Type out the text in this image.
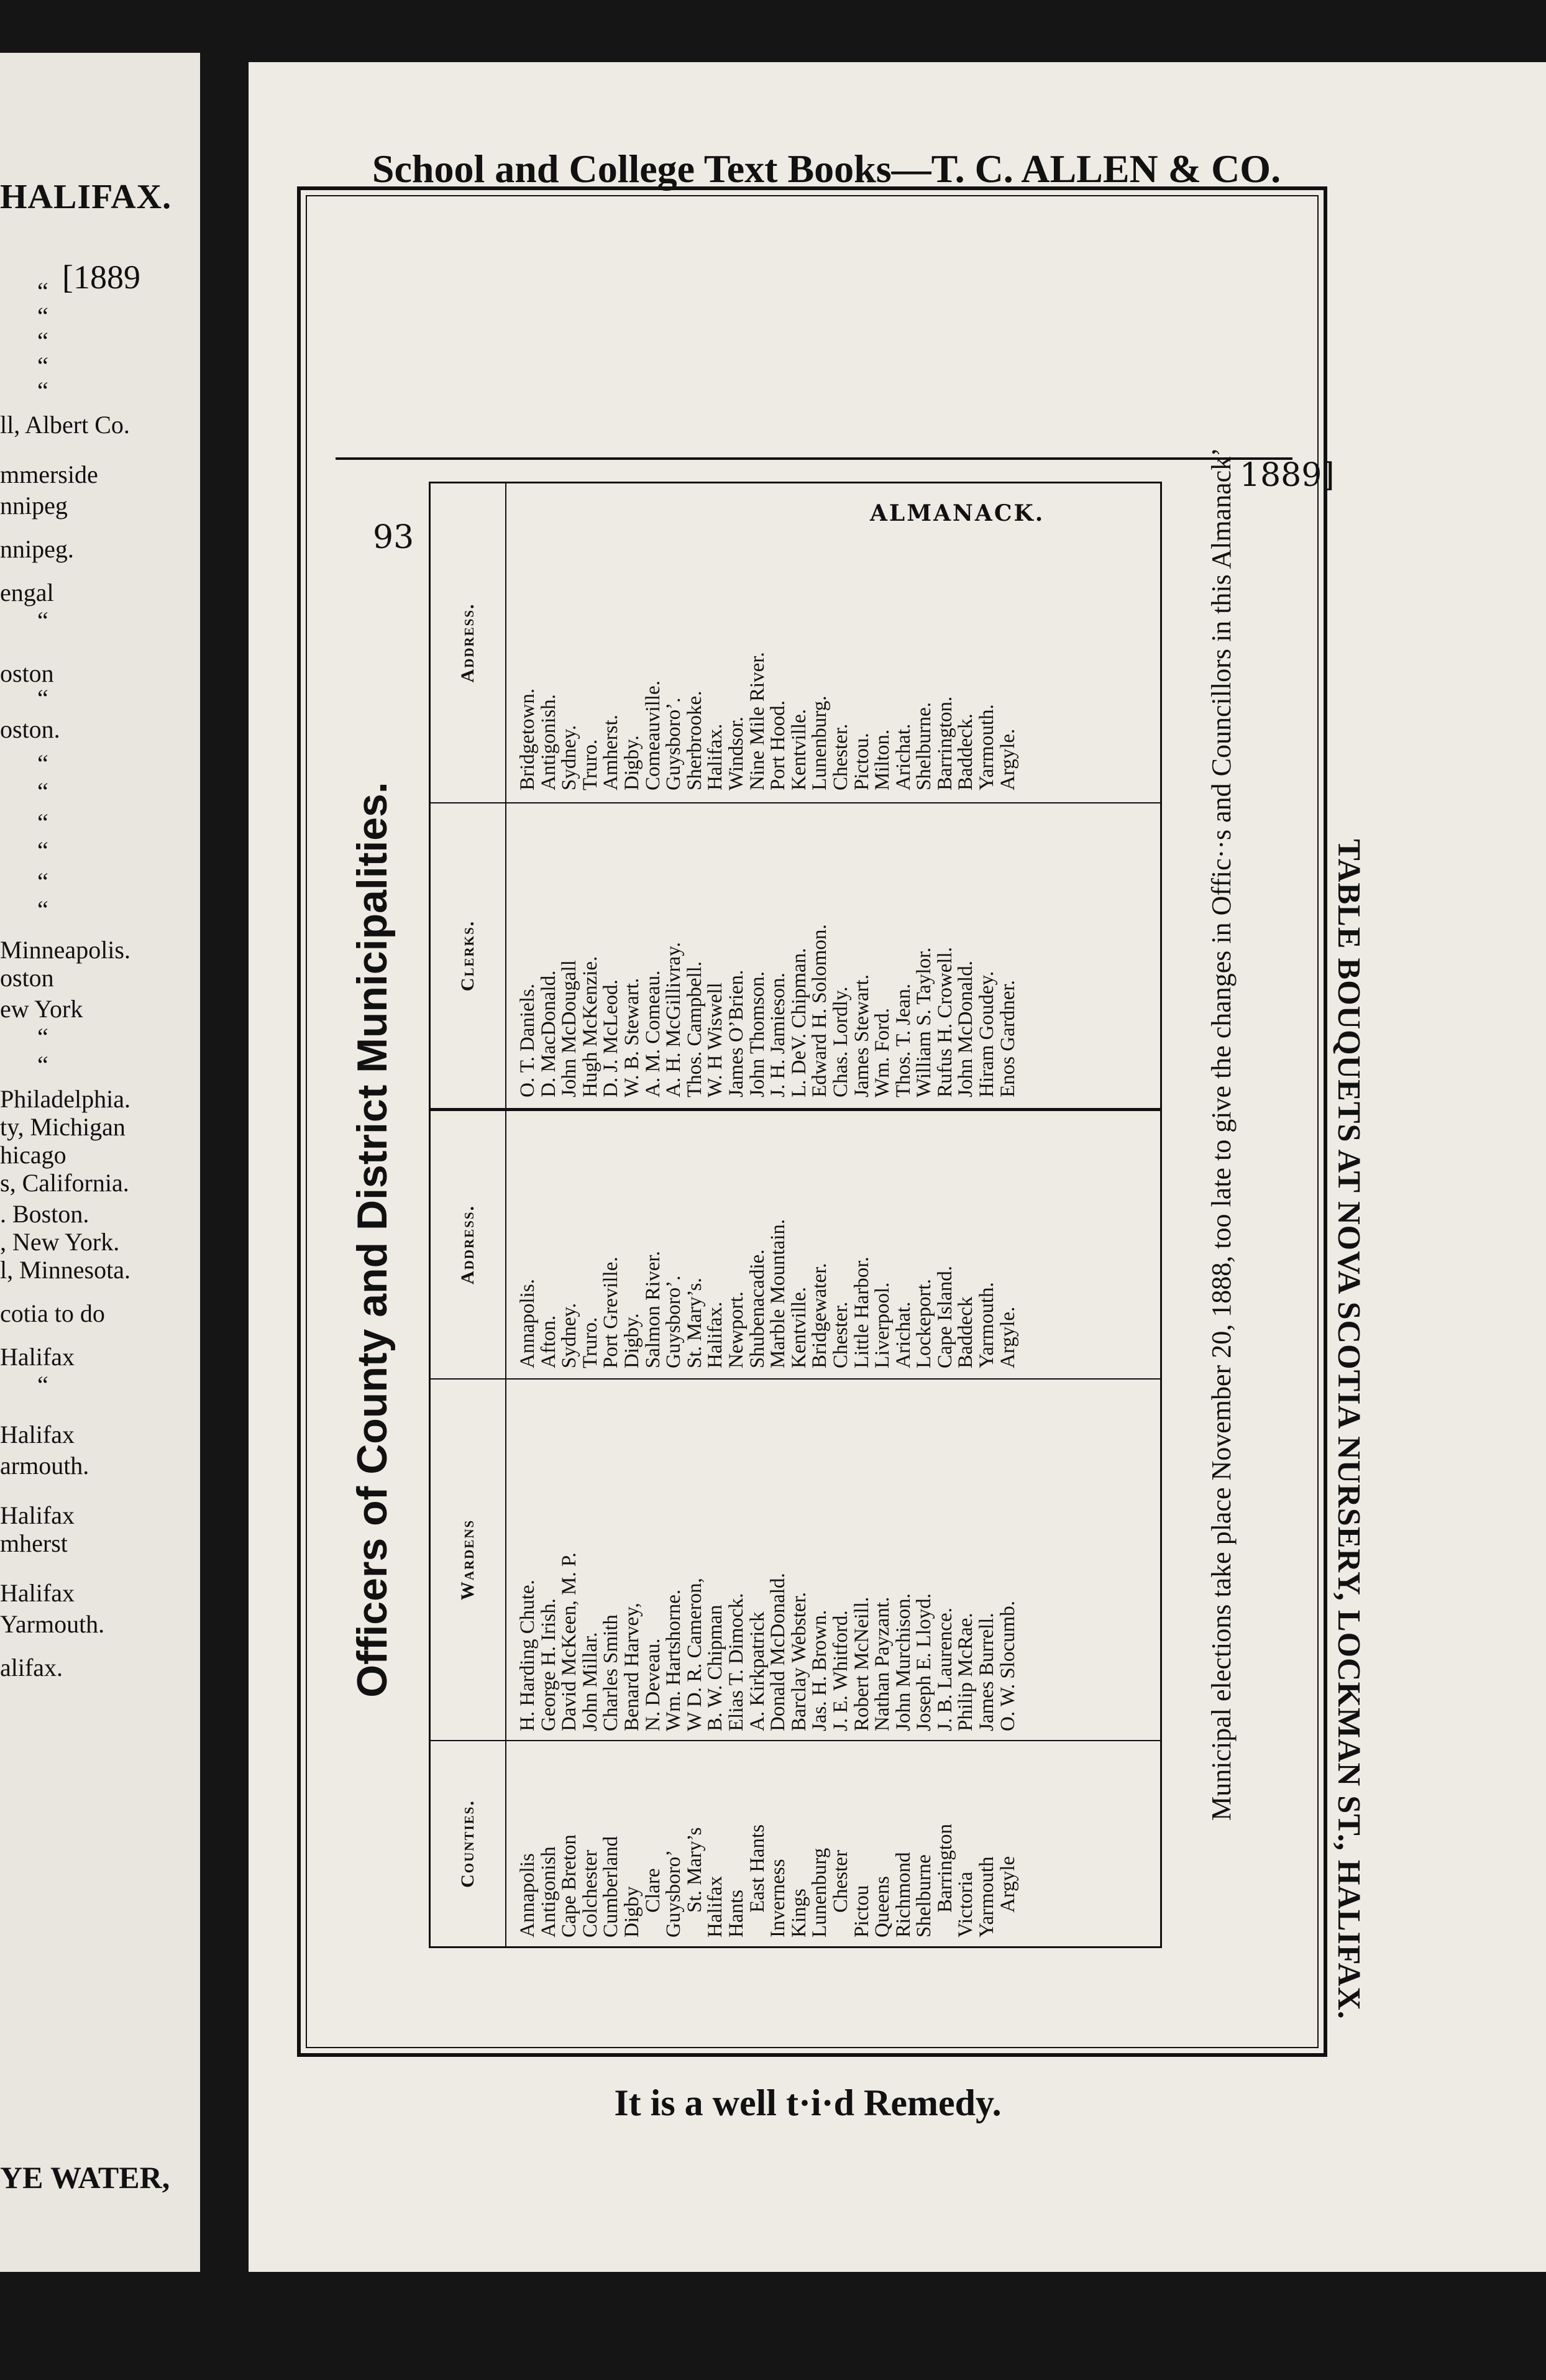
HALIFAX.
[1889
“
“
“
“
“
ll, Albert Co.
mmerside
nnipeg
nnipeg.
engal
“
oston
“
oston.
“
“
“
“
“
“
Minneapolis.
oston
ew York
“
“
Philadelphia.
ty, Michigan
hicago
s, California.
. Boston.
, New York.
l, Minnesota.
cotia to do
Halifax
“
Halifax
armouth.
Halifax
mherst
Halifax
Yarmouth.
alifax.
YE WATER,
School and College Text Books—T. C. ALLEN & CO.
TABLE BOUQUETS AT NOVA SCOTIA NURSERY, LOCKMAN ST., HALIFAX.
1889]
ALMANACK.
93
Officers of County and District Municipalities.
Counties.
Wardens
Address.
Clerks.
Address.
Annapolis
Antigonish
Cape Breton
Colchester
Cumberland
Digby
Clare
Guysboro’
St. Mary’s
Halifax
Hants
East Hants
Inverness
Kings
Lunenburg
Chester
Pictou
Queens
Richmond
Shelburne
Barrington
Victoria
Yarmouth
Argyle
H. Harding Chute.
George H. Irish.
David McKeen, M. P.
John Millar.
Charles Smith
Benard Harvey,
N. Deveau.
Wm. Hartshorne.
W D. R. Cameron,
B. W. Chipman
Elias T. Dimock.
A. Kirkpatrick
Donald McDonald.
Barclay Webster.
Jas. H. Brown.
J. E. Whitford.
Robert McNeill.
Nathan Payzant.
John Murchison.
Joseph E. Lloyd.
J. B. Laurence.
Philip McRae.
James Burrell.
O. W. Slocumb.
Annapolis.
Afton.
Sydney.
Truro.
Port Greville.
Digby.
Salmon River.
Guysboro’.
St. Mary’s.
Halifax.
Newport.
Shubenacadie.
Marble Mountain.
Kentville.
Bridgewater.
Chester.
Little Harbor.
Liverpool.
Arichat.
Lockeport.
Cape Island.
Baddeck
Yarmouth.
Argyle.
O. T. Daniels.
D. MacDonald.
John McDougall
Hugh McKenzie.
D. J. McLeod.
W. B. Stewart.
A. M. Comeau.
A. H. McGillivray.
Thos. Campbell.
W. H Wiswell
James O’Brien.
John Thomson.
J. H. Jamieson.
L. DeV. Chipman.
Edward H. Solomon.
Chas. Lordly.
James Stewart.
Wm. Ford.
Thos. T. Jean.
William S. Taylor.
Rufus H. Crowell.
John McDonald.
Hiram Goudey.
Enos Gardner.
Bridgetown.
Antigonish.
Sydney.
Truro.
Amherst.
Digby.
Comeauville.
Guysboro’.
Sherbrooke.
Halifax.
Windsor.
Nine Mile River.
Port Hood.
Kentville.
Lunenburg.
Chester.
Pictou.
Milton.
Arichat.
Shelburne.
Barrington.
Baddeck.
Yarmouth.
Argyle.	Municipal elections take place November 20, 1888, too late to give the changes in Offic··s and Councillors in this Almanack’
It is a well t·i·d Remedy.
